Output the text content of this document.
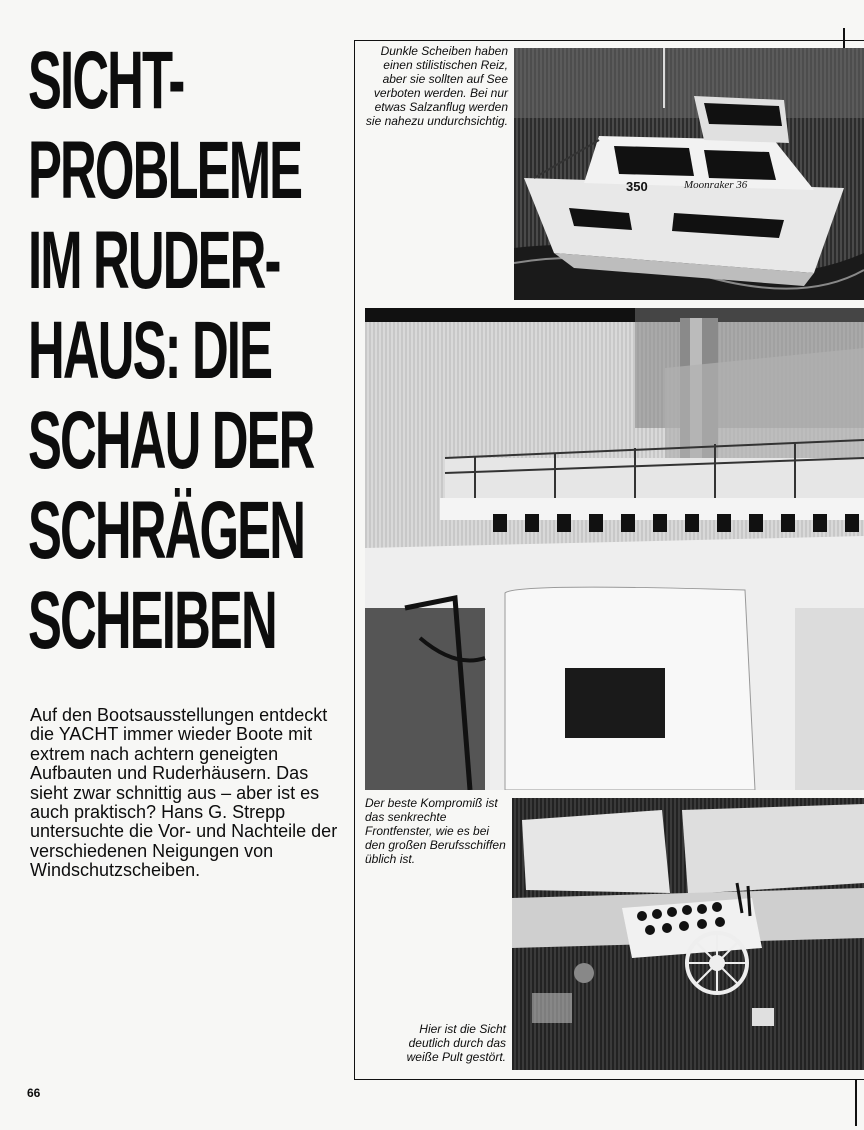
SICHT-
PROBLEME
IM RUDER-
HAUS: DIE
SCHAU DER
SCHRÄGEN
SCHEIBEN

Auf den Bootsausstellungen entdeckt die YACHT immer wieder Boote mit extrem nach achtern geneigten Aufbauten und Ruderhäusern. Das sieht zwar schnittig aus – aber ist es auch praktisch? Hans G. Strepp untersuchte die Vor- und Nachteile der verschiedenen Neigungen von Windschutzscheiben.

66
350	Moonraker 36

Dunkle Scheiben haben einen stilistischen Reiz, aber sie sollten auf See verboten werden. Bei nur etwas Salzanflug werden sie nahezu undurchsichtig.

Der beste Kompromiß ist das senkrechte Frontfenster, wie es bei den großen Berufsschiffen üblich ist.

Hier ist die Sicht deutlich durch das weiße Pult gestört.
